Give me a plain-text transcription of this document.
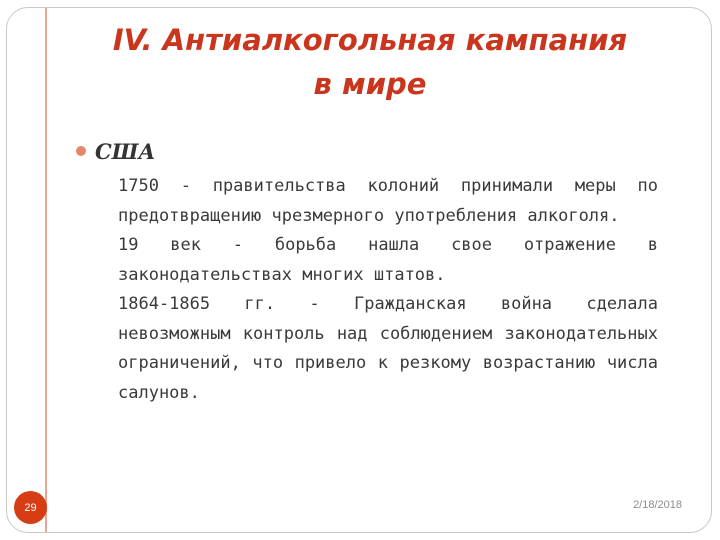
IV. Антиалкогольная кампания
в мире
США

1750 - правительства колоний принимали меры по предотвращению чрезмерного употребления алкоголя.

19 век - борьба нашла свое отражение в законодательствах многих штатов.

1864-1865 гг. - Гражданская война сделала невозможным контроль над соблюдением законодательных ограничений, что привело к резкому возрастанию числа салунов.

29	2/18/2018
